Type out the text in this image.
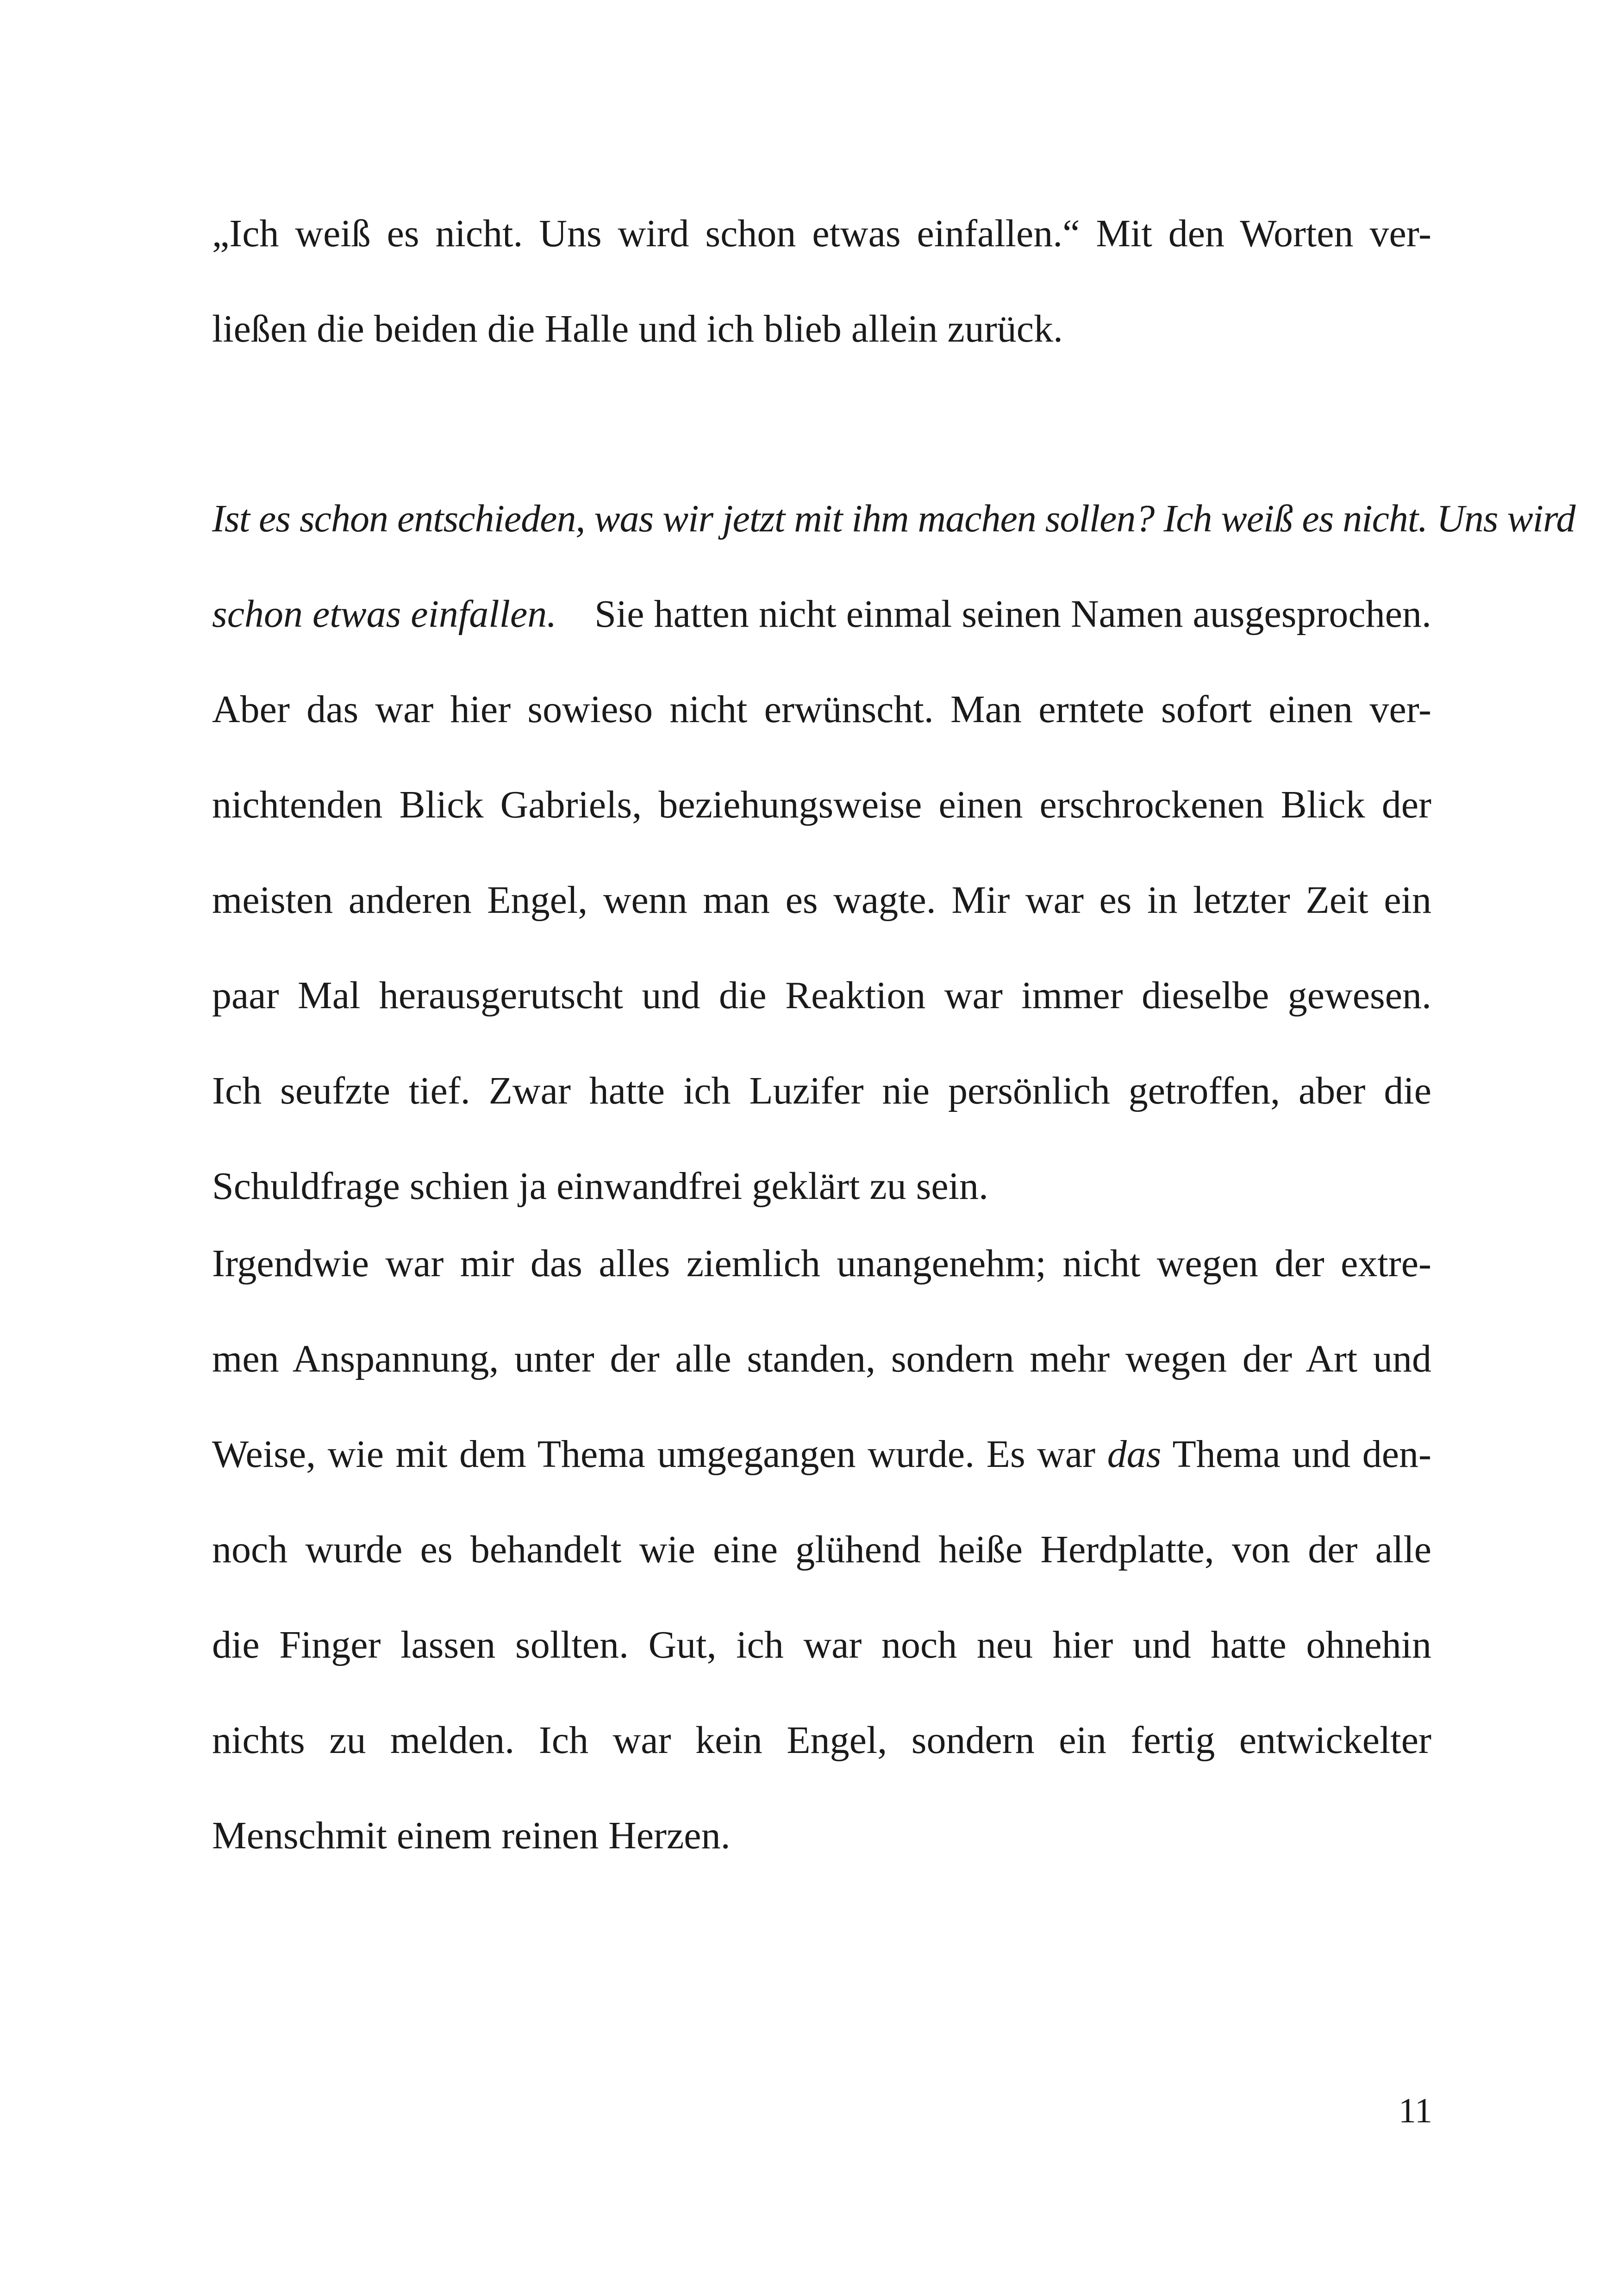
„Ich weiß es nicht. Uns wird schon etwas einfallen.“ Mit den Worten ver-
ließen die beiden die Halle und ich blieb allein zurück.
Ist es schon entschieden, was wir jetzt mit ihm machen sollen? Ich weiß es nicht. Uns wird
schon etwas einfallen. Sie hatten nicht einmal seinen Namen ausgesprochen.
Aber das war hier sowieso nicht erwünscht. Man erntete sofort einen ver-
nichtenden Blick Gabriels, beziehungsweise einen erschrockenen Blick der
meisten anderen Engel, wenn man es wagte. Mir war es in letzter Zeit ein
paar Mal herausgerutscht und die Reaktion war immer dieselbe gewesen.
Ich seufzte tief. Zwar hatte ich Luzifer nie persönlich getroffen, aber die
Schuldfrage schien ja einwandfrei geklärt zu sein.
Irgendwie war mir das alles ziemlich unangenehm; nicht wegen der extre-
men Anspannung, unter der alle standen, sondern mehr wegen der Art und
Weise, wie mit dem Thema umgegangen wurde. Es war das Thema und den-
noch wurde es behandelt wie eine glühend heiße Herdplatte, von der alle
die Finger lassen sollten. Gut, ich war noch neu hier und hatte ohnehin
nichts zu melden. Ich war kein Engel, sondern ein fertig entwickelter
Menschmit einem reinen Herzen.
11
